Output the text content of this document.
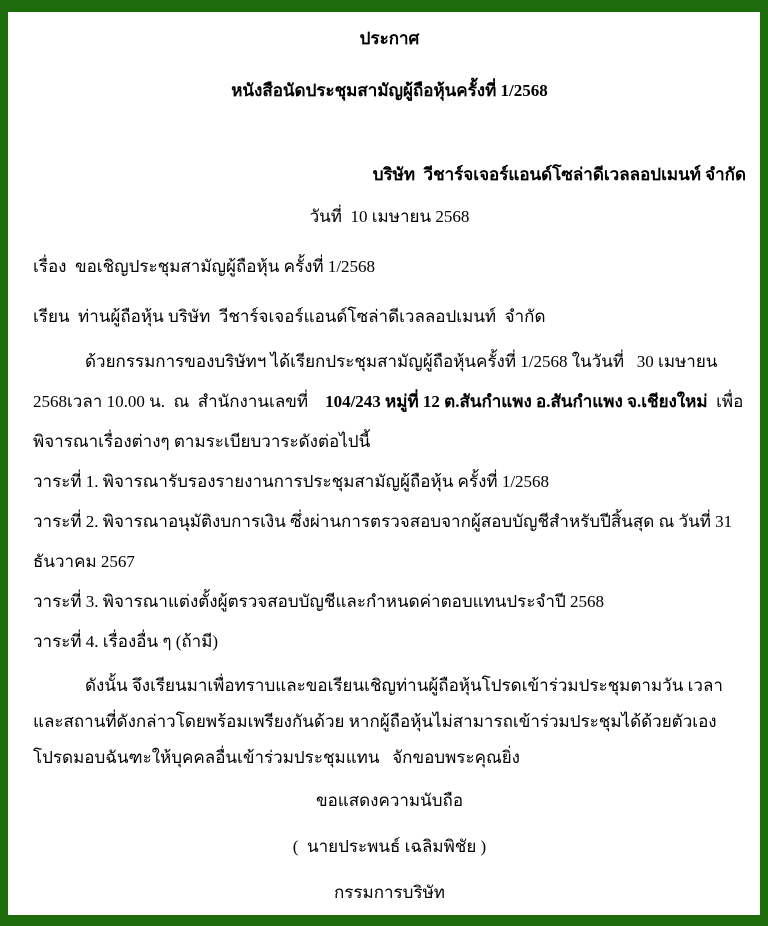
ประกาศ
หนังสือนัดประชุมสามัญผู้ถือหุ้นครั้งที่ 1/2568
บริษัท  วีชาร์จเจอร์แอนด์โซล่าดีเวลลอปเมนท์ จำกัด
วันที่  10 เมษายน 2568
เรื่อง  ขอเชิญประชุมสามัญผู้ถือหุ้น ครั้งที่ 1/2568
เรียน  ท่านผู้ถือหุ้น บริษัท  วีชาร์จเจอร์แอนด์โซล่าดีเวลลอปเมนท์  จำกัด

ด้วยกรรมการของบริษัทฯ ได้เรียกประชุมสามัญผู้ถือหุ้นครั้งที่ 1/2568 ในวันที่   30 เมษายน 2568เวลา 10.00 น.  ณ  สำนักงานเลขที่    104/243 หมู่ที่ 12 ต.สันกำแพง อ.สันกำแพง จ.เชียงใหม่  เพื่อพิจารณาเรื่องต่างๆ ตามระเบียบวาระดังต่อไปนี้

วาระที่ 1. พิจารณารับรองรายงานการประชุมสามัญผู้ถือหุ้น ครั้งที่ 1/2568
วาระที่ 2. พิจารณาอนุมัติงบการเงิน ซึ่งผ่านการตรวจสอบจากผู้สอบบัญชีสำหรับปีสิ้นสุด ณ วันที่ 31 ธันวาคม 2567
วาระที่ 3. พิจารณาแต่งตั้งผู้ตรวจสอบบัญชีและกำหนดค่าตอบแทนประจำปี 2568
วาระที่ 4. เรื่องอื่น ๆ (ถ้ามี)

ดังนั้น จึงเรียนมาเพื่อทราบและขอเรียนเชิญท่านผู้ถือหุ้นโปรดเข้าร่วมประชุมตามวัน เวลา และสถานที่ดังกล่าวโดยพร้อมเพรียงกันด้วย หากผู้ถือหุ้นไม่สามารถเข้าร่วมประชุมได้ด้วยตัวเองโปรดมอบฉันฑะให้บุคคลอื่นเข้าร่วมประชุมแทน   จักขอบพระคุณยิ่ง

ขอแสดงความนับถือ
(  นายประพนธ์ เฉลิมพิชัย )
กรรมการบริษัท
